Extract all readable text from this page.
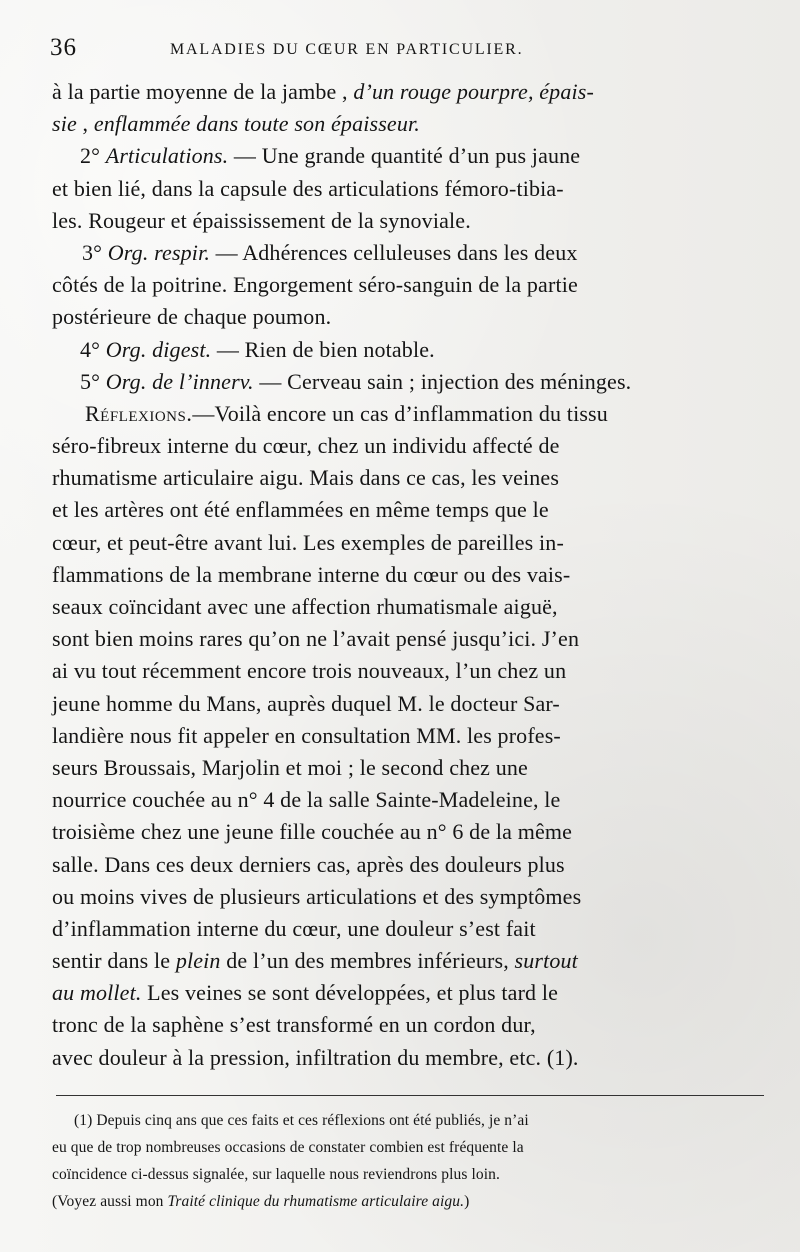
36	MALADIES DU CŒUR EN PARTICULIER.
à la partie moyenne de la jambe , d’un rouge pourpre, épais-
sie , enflammée dans toute son épaisseur.
2° Articulations. — Une grande quantité d’un pus jaune
et bien lié, dans la capsule des articulations fémoro-tibia-
les. Rougeur et épaississement de la synoviale.
3° Org. respir. — Adhérences celluleuses dans les deux
côtés de la poitrine. Engorgement séro-sanguin de la partie
postérieure de chaque poumon.
4° Org. digest. — Rien de bien notable.
5° Org. de l’innerv. — Cerveau sain ; injection des méninges.
Réflexions.—Voilà encore un cas d’inflammation du tissu
séro-fibreux interne du cœur, chez un individu affecté de
rhumatisme articulaire aigu. Mais dans ce cas, les veines
et les artères ont été enflammées en même temps que le
cœur, et peut-être avant lui. Les exemples de pareilles in-
flammations de la membrane interne du cœur ou des vais-
seaux coïncidant avec une affection rhumatismale aiguë,
sont bien moins rares qu’on ne l’avait pensé jusqu’ici. J’en
ai vu tout récemment encore trois nouveaux, l’un chez un
jeune homme du Mans, auprès duquel M. le docteur Sar-
landière nous fit appeler en consultation MM. les profes-
seurs Broussais, Marjolin et moi ; le second chez une
nourrice couchée au n° 4 de la salle Sainte-Madeleine, le
troisième chez une jeune fille couchée au n° 6 de la même
salle. Dans ces deux derniers cas, après des douleurs plus
ou moins vives de plusieurs articulations et des symptômes
d’inflammation interne du cœur, une douleur s’est fait
sentir dans le plein de l’un des membres inférieurs, surtout
au mollet. Les veines se sont développées, et plus tard le
tronc de la saphène s’est transformé en un cordon dur,
avec douleur à la pression, infiltration du membre, etc. (1).
(1) Depuis cinq ans que ces faits et ces réflexions ont été publiés, je n’ai
eu que de trop nombreuses occasions de constater combien est fréquente la
coïncidence ci-dessus signalée, sur laquelle nous reviendrons plus loin.
(Voyez aussi mon Traité clinique du rhumatisme articulaire aigu.)
